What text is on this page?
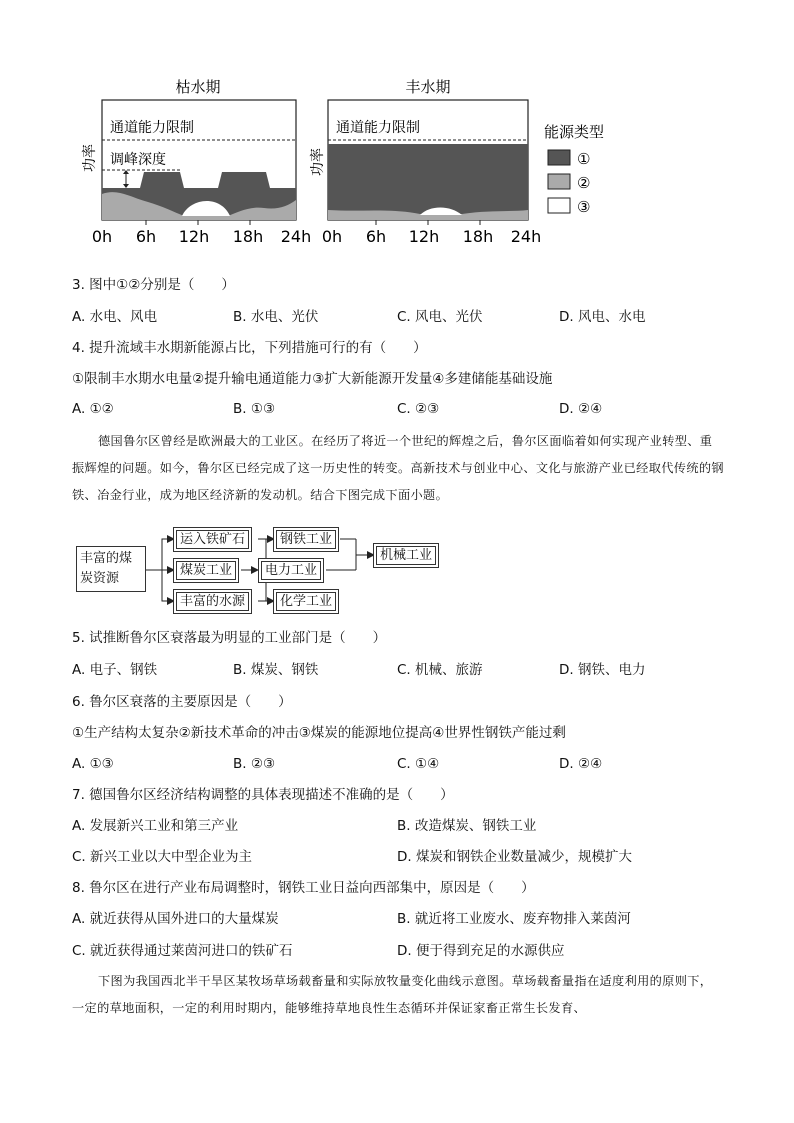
枯水期	丰水期
功率	功率
通道能力限制
调峰深度
0h 6h 12h 18h 24h
通道能力限制
0h 6h 12h 18h 24h
能源类型
①
②
③
3. 图中①②分别是（　　）
A. 水电、风电	B. 水电、光伏	C. 风电、光伏	D. 风电、水电
4. 提升流域丰水期新能源占比，下列措施可行的有（　　）
①限制丰水期水电量②提升输电通道能力③扩大新能源开发量④多建储能基础设施
A. ①②	B. ①③	C. ②③	D. ②④
德国鲁尔区曾经是欧洲最大的工业区。在经历了将近一个世纪的辉煌之后，鲁尔区面临着如何实现产业转型、重振辉煌的问题。如今，鲁尔区已经完成了这一历史性的转变。高新技术与创业中心、文化与旅游产业已经取代传统的钢铁、冶金行业，成为地区经济新的发动机。结合下图完成下面小题。
丰富的煤炭资源
运入铁矿石
煤炭工业
丰富的水源
钢铁工业
电力工业
化学工业
机械工业
5. 试推断鲁尔区衰落最为明显的工业部门是（　　）
A. 电子、钢铁	B. 煤炭、钢铁	C. 机械、旅游	D. 钢铁、电力
6. 鲁尔区衰落的主要原因是（　　）
①生产结构太复杂②新技术革命的冲击③煤炭的能源地位提高④世界性钢铁产能过剩
A. ①③	B. ②③	C. ①④	D. ②④
7. 德国鲁尔区经济结构调整的具体表现描述不准确的是（　　）
A. 发展新兴工业和第三产业	B. 改造煤炭、钢铁工业
C. 新兴工业以大中型企业为主	D. 煤炭和钢铁企业数量减少，规模扩大
8. 鲁尔区在进行产业布局调整时，钢铁工业日益向西部集中，原因是（　　）
A. 就近获得从国外进口的大量煤炭	B. 就近将工业废水、废弃物排入莱茵河
C. 就近获得通过莱茵河进口的铁矿石	D. 便于得到充足的水源供应
下图为我国西北半干旱区某牧场草场载畜量和实际放牧量变化曲线示意图。草场载畜量指在适度利用的原则下，一定的草地面积，一定的利用时期内，能够维持草地良性生态循环并保证家畜正常生长发育、
